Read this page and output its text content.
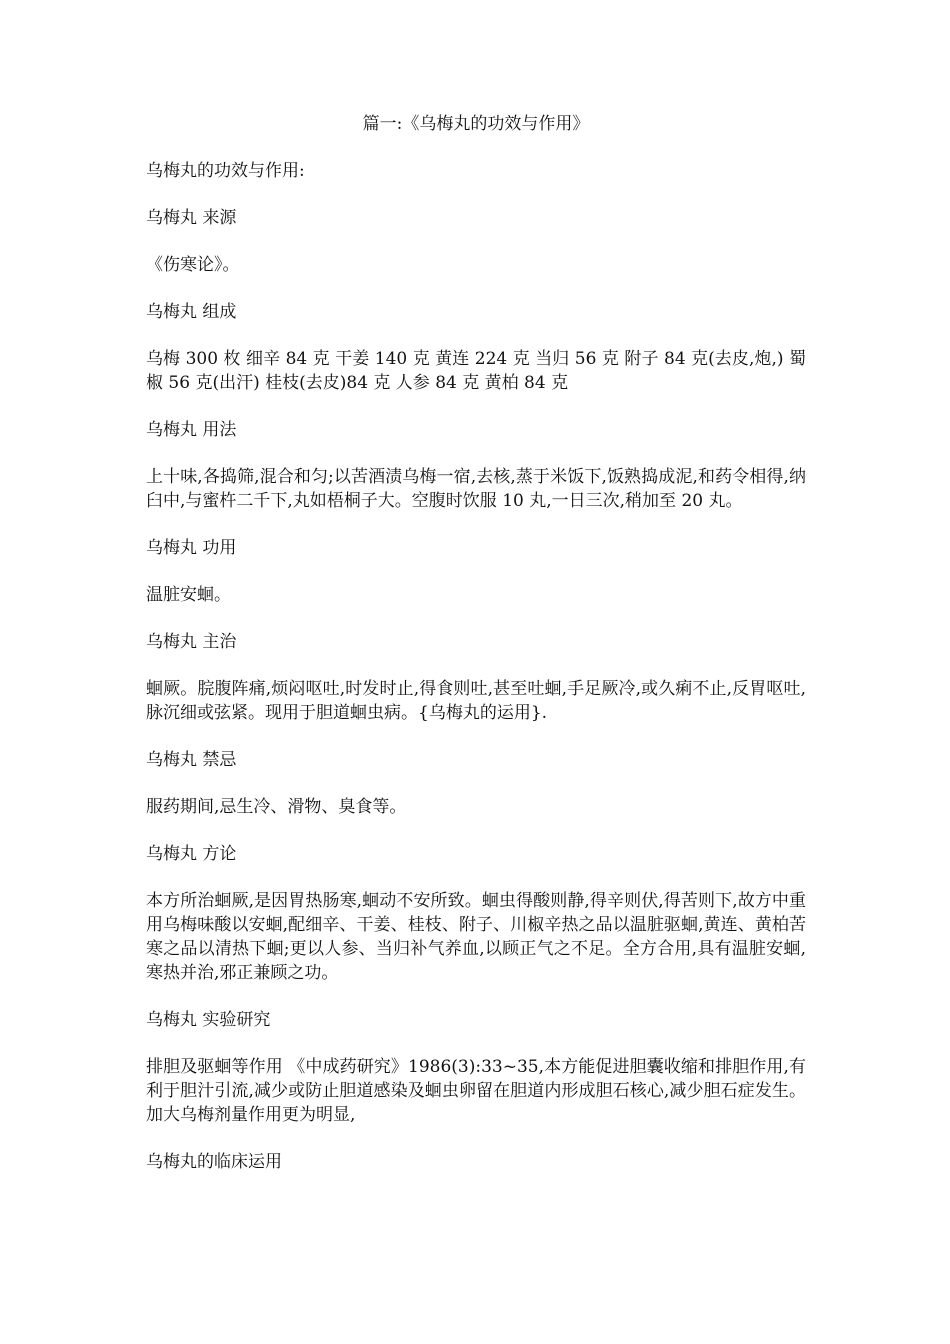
篇一:《乌梅丸的功效与作用》
乌梅丸的功效与作用:
乌梅丸 来源
《伤寒论》。
乌梅丸 组成
乌梅 300 枚 细辛 84 克 干姜 140 克 黄连 224 克 当归 56 克 附子 84 克(去皮,炮,) 蜀椒 56 克(出汗) 桂枝(去皮)84 克 人参 84 克 黄柏 84 克
乌梅丸 用法
上十味,各捣筛,混合和匀;以苦酒渍乌梅一宿,去核,蒸于米饭下,饭熟捣成泥,和药令相得,纳臼中,与蜜杵二千下,丸如梧桐子大。空腹时饮服 10 丸,一日三次,稍加至 20 丸。
乌梅丸 功用
温脏安蛔。
乌梅丸 主治
蛔厥。脘腹阵痛,烦闷呕吐,时发时止,得食则吐,甚至吐蛔,手足厥冷,或久痢不止,反胃呕吐,脉沉细或弦紧。现用于胆道蛔虫病。{乌梅丸的运用}.
乌梅丸 禁忌
服药期间,忌生冷、滑物、臭食等。
乌梅丸 方论
本方所治蛔厥,是因胃热肠寒,蛔动不安所致。蛔虫得酸则静,得辛则伏,得苦则下,故方中重用乌梅味酸以安蛔,配细辛、干姜、桂枝、附子、川椒辛热之品以温脏驱蛔,黄连、黄柏苦寒之品以清热下蛔;更以人参、当归补气养血,以顾正气之不足。全方合用,具有温脏安蛔,寒热并治,邪正兼顾之功。
乌梅丸 实验研究
排胆及驱蛔等作用 《中成药研究》1986(3):33~35,本方能促进胆囊收缩和排胆作用,有利于胆汁引流,减少或防止胆道感染及蛔虫卵留在胆道内形成胆石核心,减少胆石症发生。加大乌梅剂量作用更为明显,
乌梅丸的临床运用
